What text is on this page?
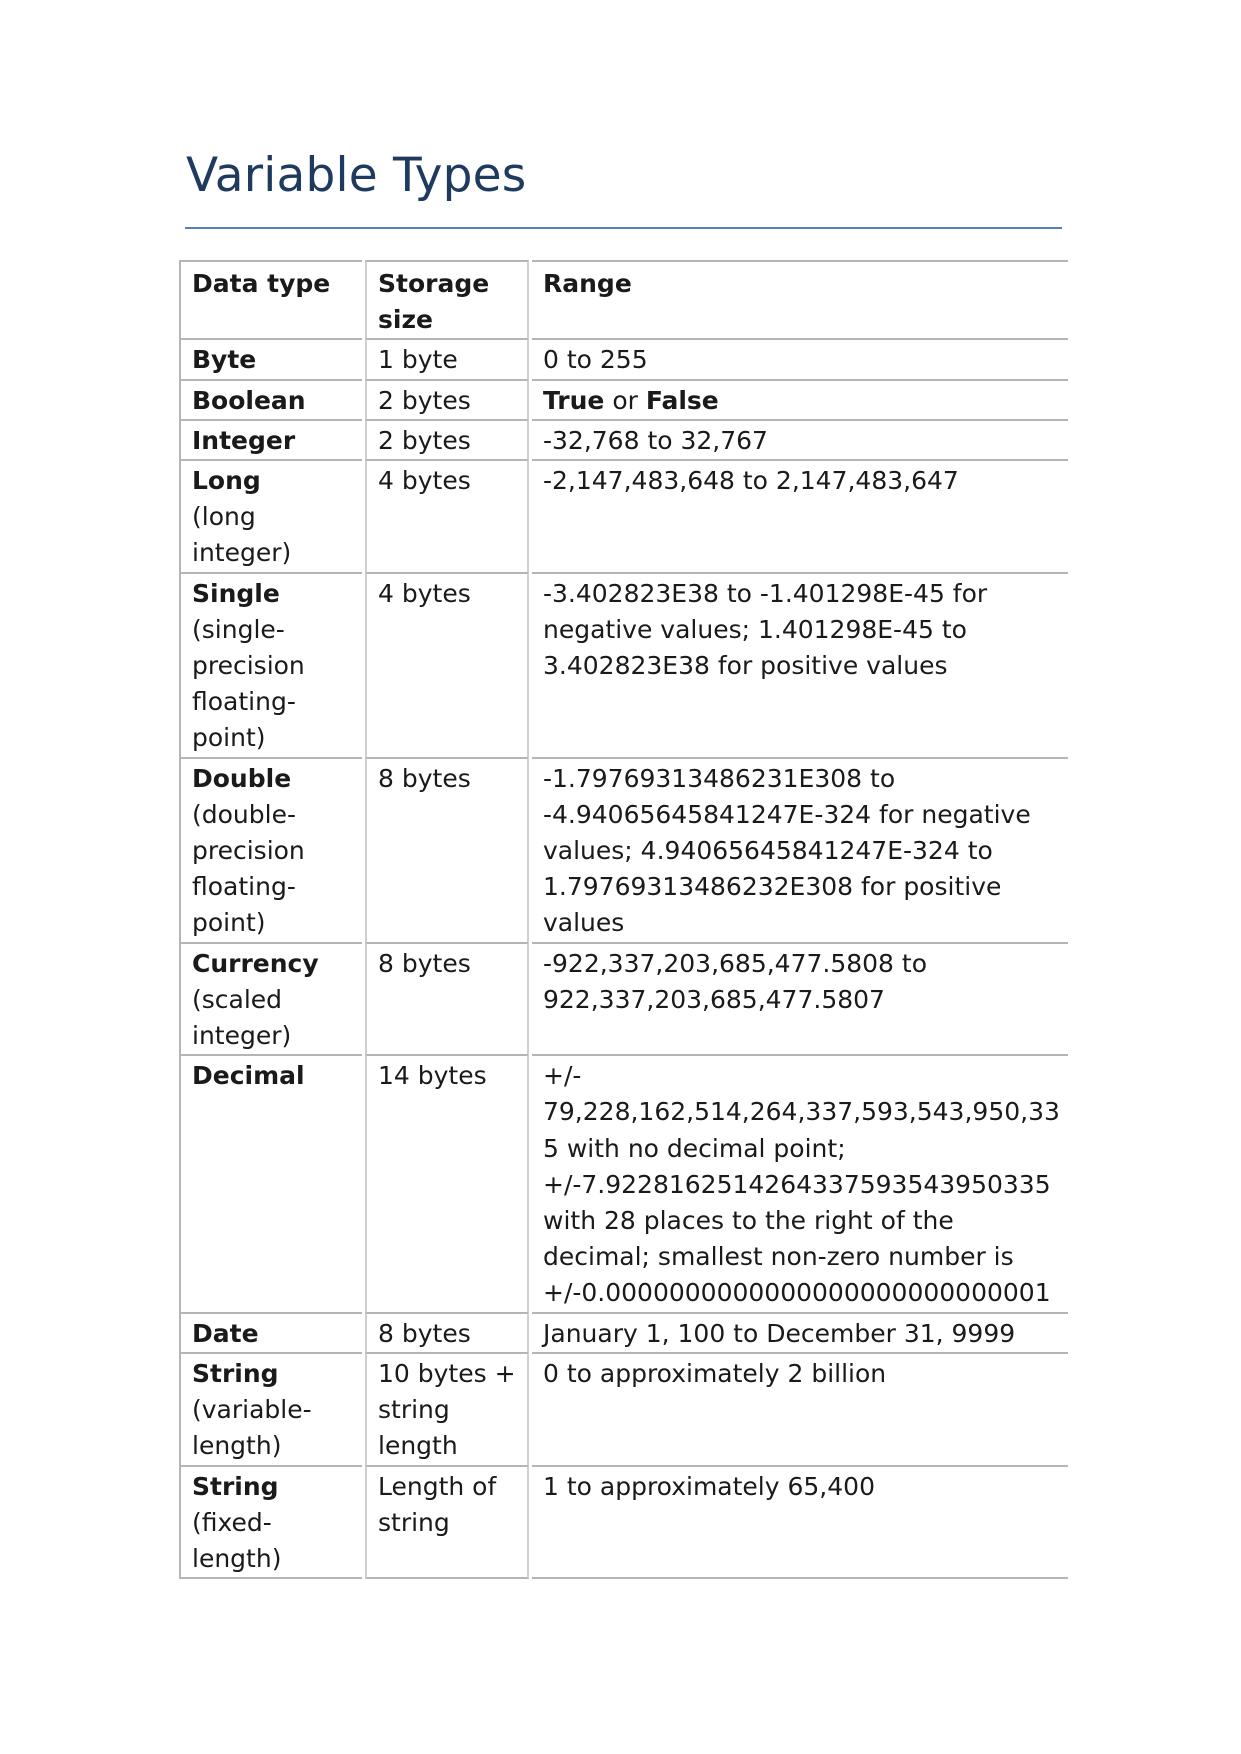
Variable Types
Data type	Storage size	Range

Byte	1 byte	0 to 255

Boolean	2 bytes	True or False

Integer	2 bytes	-32,768 to 32,767

Long
(long integer)	4 bytes	-2,147,483,648 to 2,147,483,647

Single
(single-precision floating-point)	4 bytes	-3.402823E38 to -1.401298E-45 for negative values; 1.401298E-45 to 3.402823E38 for positive values

Double
(double-precision floating-point)	8 bytes	-1.79769313486231E308 to -4.94065645841247E-324 for negative values; 4.94065645841247E-324 to 1.79769313486232E308 for positive values

Currency
(scaled integer)	8 bytes	-922,337,203,685,477.5808 to 922,337,203,685,477.5807

Decimal	14 bytes	+/- 79,228,162,514,264,337,593,543,950,335 with no decimal point; +/-7.9228162514264337593543950335 with 28 places to the right of the decimal; smallest non-zero number is +/-0.0000000000000000000000000001

Date	8 bytes	January 1, 100 to December 31, 9999

String
(variable-length)	10 bytes + string length	0 to approximately 2 billion

String
(fixed-length)	Length of string	1 to approximately 65,400
